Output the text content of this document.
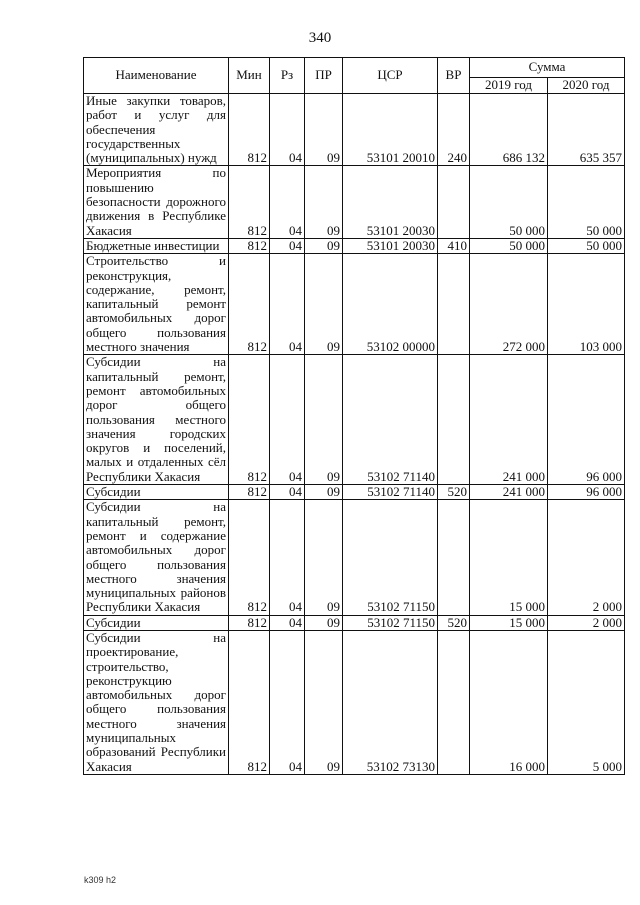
340
Наименование	Мин	Рз	ПР	ЦСР	ВР	Сумма	
						2019 год	2020 год
Иные закупки товаров, работ и услуг для обеспечения государственных (муниципальных) нужд	812	04	09	53101 20010	240	686 132	635 357
Мероприятия по повышению безопасности дорожного движения в Республике Хакасия	812	04	09	53101 20030		50 000	50 000
Бюджетные инвестиции	812	04	09	53101 20030	410	50 000	50 000
Строительство и реконструкция, содержание, ремонт, капитальный ремонт автомобильных дорог общего пользования местного значения	812	04	09	53102 00000		272 000	103 000
Субсидии на капитальный ремонт, ремонт автомобильных дорог общего пользования местного значения городских округов и поселений, малых и отдаленных сёл Республики Хакасия	812	04	09	53102 71140		241 000	96 000
Субсидии	812	04	09	53102 71140	520	241 000	96 000
Субсидии на капитальный ремонт, ремонт и содержание автомобильных дорог общего пользования местного значения муниципальных районов Республики Хакасия	812	04	09	53102 71150		15 000	2 000
Субсидии	812	04	09	53102 71150	520	15 000	2 000
Субсидии на проектирование, строительство, реконструкцию автомобильных дорог общего пользования местного значения муниципальных образований Республики Хакасия	812	04	09	53102 73130		16 000	5 000
k309 h2
